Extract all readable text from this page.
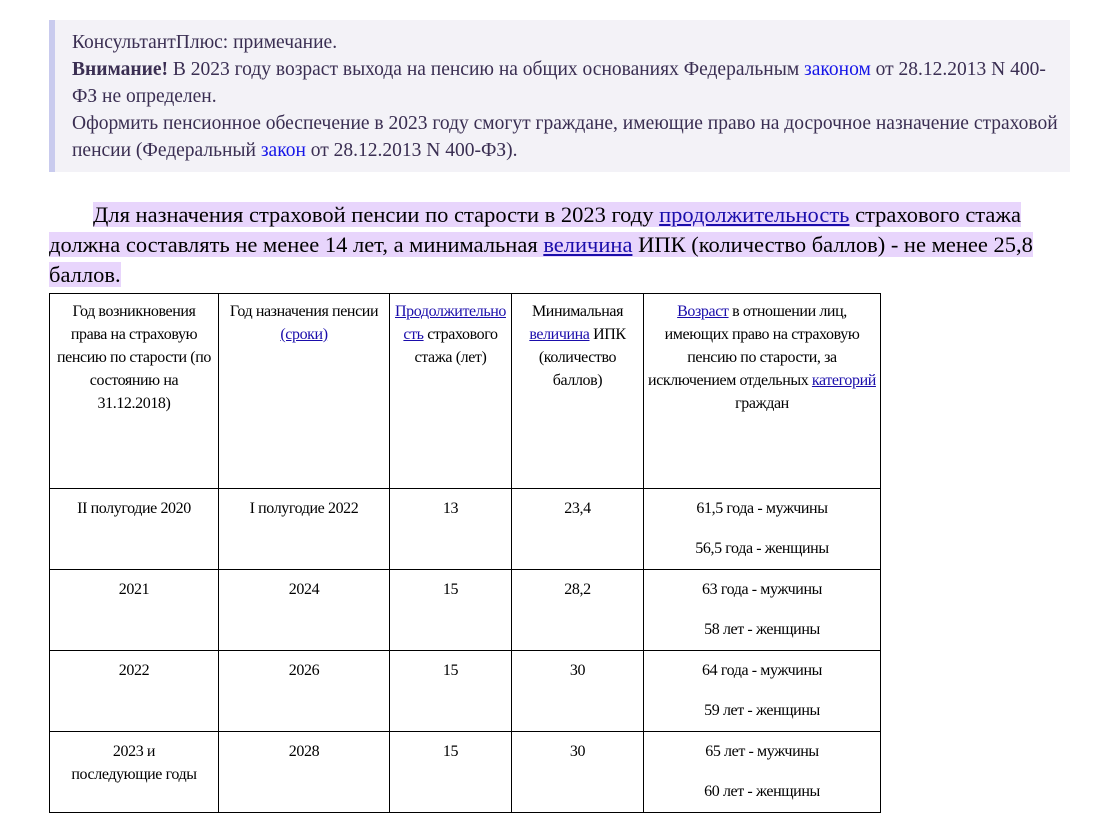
КонсультантПлюс: примечание.
Внимание! В 2023 году возраст выхода на пенсию на общих основаниях Федеральным законом от 28.12.2013 N 400-ФЗ не определен.
Оформить пенсионное обеспечение в 2023 году смогут граждане, имеющие право на досрочное назначение страховой пенсии (Федеральный закон от 28.12.2013 N 400-ФЗ).
Для назначения страховой пенсии по старости в 2023 году продолжительность страхового стажа должна составлять не менее 14 лет, а минимальная величина ИПК (количество баллов) - не менее 25,8 баллов.
Год возникновения права на страховую пенсию по старости (по состоянию на 31.12.2018)	Год назначения пенсии (сроки)	Продолжительность страхового стажа (лет)	Минимальная величина ИПК (количество баллов)	Возраст в отношении лиц, имеющих право на страховую пенсию по старости, за исключением отдельных категорий граждан
II полугодие 2020	I полугодие 2022	13	23,4	61,5 года - мужчины
56,5 года - женщины

2021	2024	15	28,2	63 года - мужчины
58 лет - женщины

2022	2026	15	30	64 года - мужчины
59 лет - женщины

2023 и последующие годы	2028	15	30	65 лет - мужчины
60 лет - женщины
